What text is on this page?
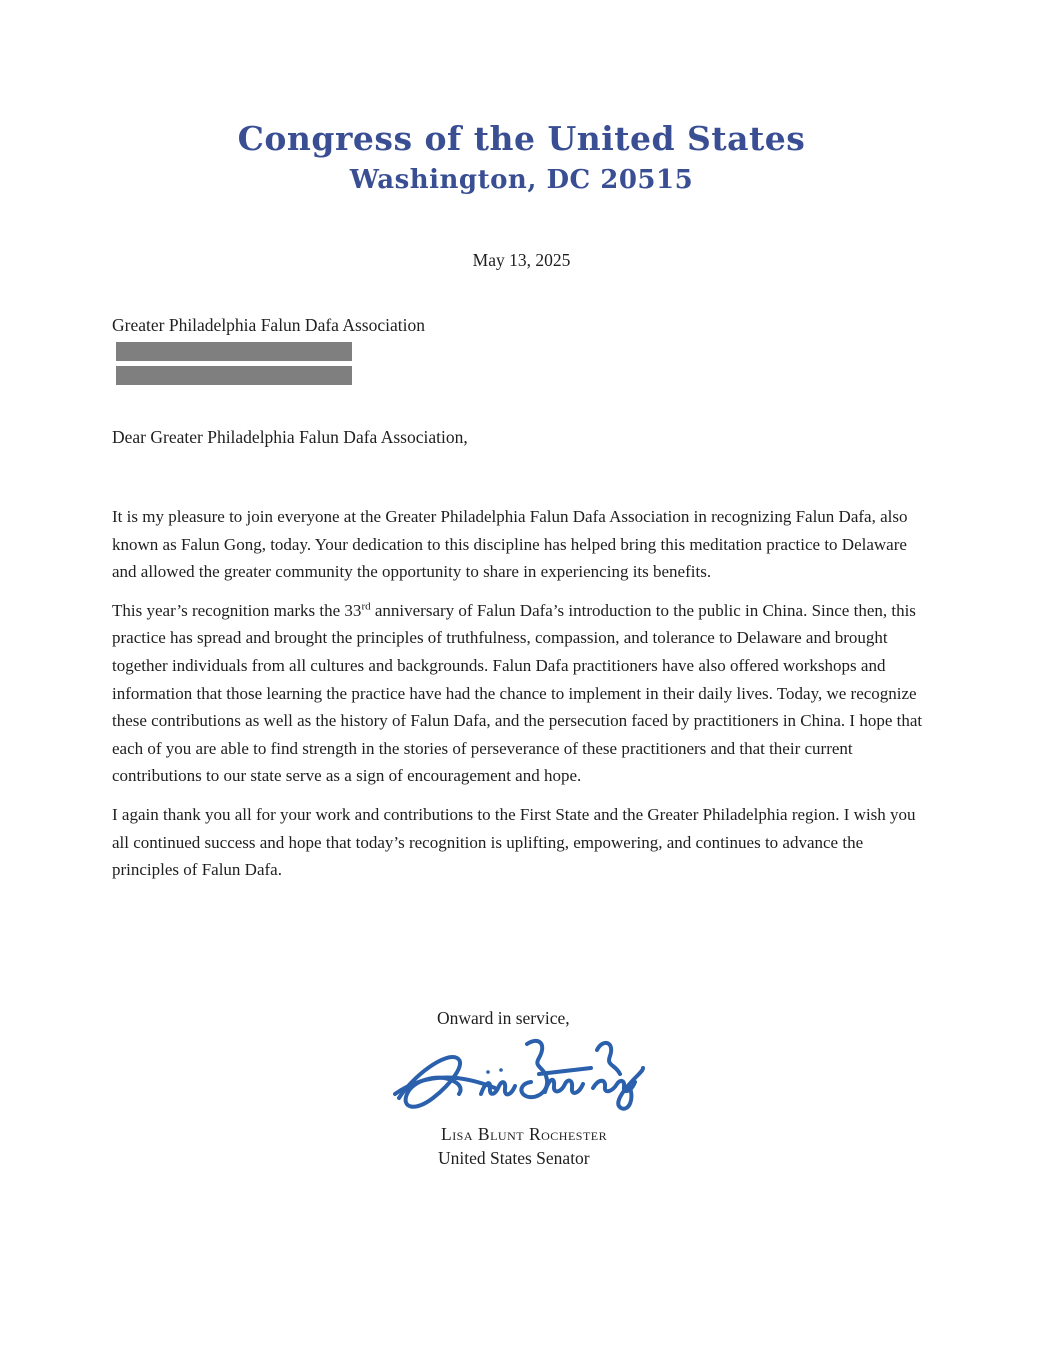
Congress of the United States
Washington, DC 20515
May 13, 2025
Greater Philadelphia Falun Dafa Association
Dear Greater Philadelphia Falun Dafa Association,

It is my pleasure to join everyone at the Greater Philadelphia Falun Dafa Association in recognizing Falun Dafa, also known as Falun Gong, today. Your dedication to this discipline has helped bring this meditation practice to Delaware and allowed the greater community the opportunity to share in experiencing its benefits.

This year’s recognition marks the 33rd anniversary of Falun Dafa’s introduction to the public in China. Since then, this practice has spread and brought the principles of truthfulness, compassion, and tolerance to Delaware and brought together individuals from all cultures and backgrounds. Falun Dafa practitioners have also offered workshops and information that those learning the practice have had the chance to implement in their daily lives. Today, we recognize these contributions as well as the history of Falun Dafa, and the persecution faced by practitioners in China. I hope that each of you are able to find strength in the stories of perseverance of these practitioners and that their current contributions to our state serve as a sign of encouragement and hope.

I again thank you all for your work and contributions to the First State and the Greater Philadelphia region. I wish you all continued success and hope that today’s recognition is uplifting, empowering, and continues to advance the principles of Falun Dafa.

Onward in service,
Lisa Blunt Rochester
United States Senator
